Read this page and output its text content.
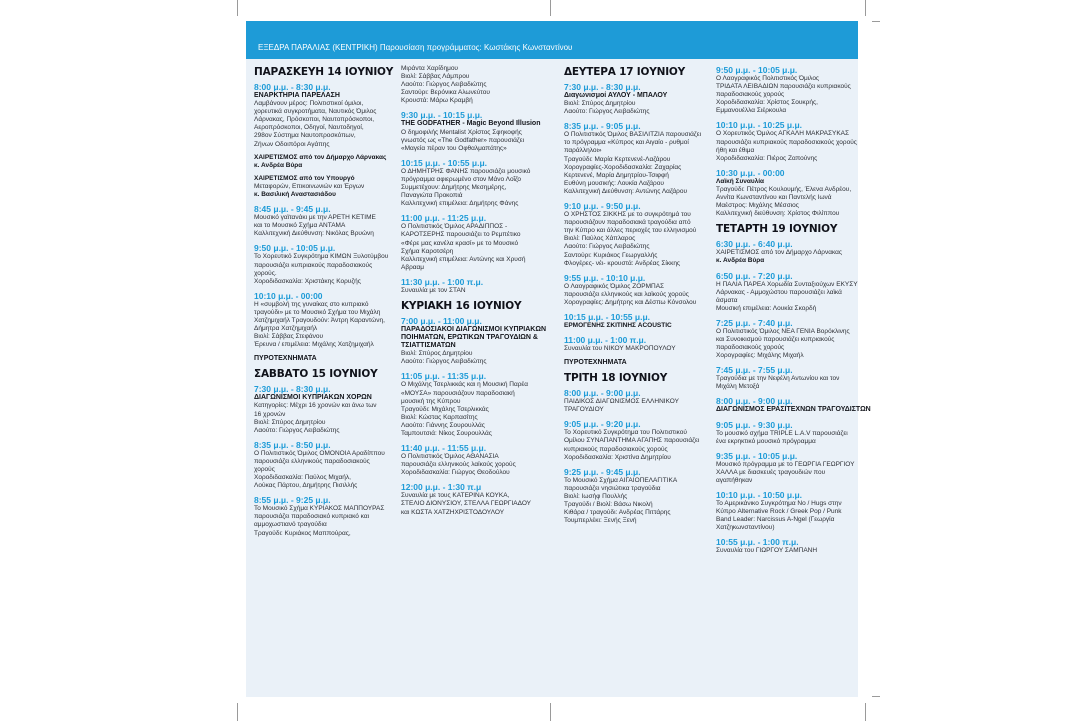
ΕΞΕΔΡΑ ΠΑΡΑΛΙΑΣ (ΚΕΝΤΡΙΚΗ) Παρουσίαση προγράμματος: Κωστάκης Κωνσταντίνου
ΠΑΡΑΣΚΕΥΗ 14 ΙΟΥΝΙΟΥ
8:00 μ.μ. - 8:30 μ.μ.
ΕΝΑΡΚΤΗΡΙΑ ΠΑΡΕΛΑΣΗ
Λαμβάνουν μέρος: Πολιτιστικοί όμιλοι,
χορευτικά συγκροτήματα, Ναυτικός Όμιλος
Λάρνακας, Πρόσκοποι, Ναυτοπρόσκοποι,
Αεροπρόσκοποι, Οδηγοί, Ναυτοδηγοί,
298ον Σύστημα Ναυτοπροσκόπων,
Ζήνων Οδοιπόροι Αγάπης
ΧΑΙΡΕΤΙΣΜΟΣ από τον Δήμαρχο Λάρνακας
κ. Ανδρέα Βύρα
ΧΑΙΡΕΤΙΣΜΟΣ από τον Υπουργό
Μεταφορών, Επικοινωνιών και Έργων
κ. Βασιλική Αναστασιάδου
8:45 μ.μ. - 9:45 μ.μ.
Μουσικό γαϊτανάκι με την ΑΡΕΤΗ ΚΕΤΙΜΕ
και το Μουσικό Σχήμα ΑΝΤΑΜΑ
Καλλιτεχνική Διεύθυνση: Νικόλας Βρυώνη
9:50 μ.μ. - 10:05 μ.μ.
Το Χορευτικό Συγκρότημα ΚΙΜΩΝ Ξυλοτύμβου
παρουσιάζει κυπριακούς παραδοσιακούς
χορούς.
Χοροδιδασκαλία: Χριστάκης Κορυζής
10:10 μ.μ. - 00:00
Η «συμβολή της γυναίκας στο κυπριακό
τραγούδι» με το Μουσικό Σχήμα του Μιχάλη
Χατζημιχαήλ Τραγουδούν: Άντρη Καραντώνη,
Δήμητρα Χατζημιχαήλ
Βιολί: Σάββας Στεφάνου
Έρευνα / επιμέλεια: Μιχάλης Χατζημιχαήλ
ΠΥΡΟΤΕΧΝΗΜΑΤΑ
ΣΑΒΒΑΤΟ 15 ΙΟΥΝΙΟΥ
7:30 μ.μ. - 8:30 μ.μ.
ΔΙΑΓΩΝΙΣΜΟΙ ΚΥΠΡΙΑΚΩΝ ΧΟΡΩΝ
Κατηγορίες: Μέχρι 16 χρονών και άνω των
16 χρονών
Βιολί: Σπύρος Δημητρίου
Λαούτο: Γιώργος Λειβαδιώτης
8:35 μ.μ. - 8:50 μ.μ.
Ο Πολιτιστικός Όμιλος ΟΜΟΝΟΙΑ Αραδίππου
παρουσιάζει ελληνικούς παραδοσιακούς
χορούς
Χοροδιδασκαλία: Παύλος Μιχαήλ,
Λούκας Πάρτου, Δημήτρης Πισιλλής
8:55 μ.μ. - 9:25 μ.μ.
Το Μουσικό Σχήμα ΚΥΡΙΑΚΟΣ ΜΑΠΠΟΥΡΑΣ
παρουσιάζει παραδοσιακό κυπριακό και
αμμοχωστιανό τραγούδια
Τραγούδι: Κυριάκος Μαππούρας,
Μιράντα Χαρίδημου
Βιολί: Σάββας Λάμπρου
Λαούτο: Γιώργος Λειβαδιώτης
Σαντούρι: Βερόνικα Αλωνεύτου
Κρουστά: Μάρω Κραμβή
9:30 μ.μ. - 10:15 μ.μ.
THE GODFATHER - Magic Beyond Illusion
Ο δημοφιλής Mentalist Χρίστος Σφηκοφής
γνωστός ως «The Godfather» παρουσιάζει
«Μαγεία πέραν του Οφθαλμαπάτης»
10:15 μ.μ. - 10:55 μ.μ.
Ο ΔΗΜΗΤΡΗΣ ΦΑΝΗΣ παρουσιάζει μουσικό
πρόγραμμα αφιερωμένο στον Μάνο Λοΐζο
Συμμετέχουν: Δημήτρης Μεσημέρης,
Παναγιώτα Προκοπιά
Καλλιτεχνική επιμέλεια: Δημήτρης Φάνης
11:00 μ.μ. - 11:25 μ.μ.
Ο Πολιτιστικός Όμιλος ΑΡΑΔΙΠΠΟΣ -
ΚΑΡΟΤΣΕΡΗΣ παρουσιάζει το Ρεμπέτικο
«Φέρε μας κανέλα κρασί» με το Μουσικό
Σχήμα Καροτσέρη
Καλλιτεχνική επιμέλεια: Αντώνης και Χρυσή
Αβρααμ
11:30 μ.μ. - 1:00 π.μ.
Συναυλία με τον ΣΤΑΝ
ΚΥΡΙΑΚΗ 16 ΙΟΥΝΙΟΥ
7:00 μ.μ. - 11:00 μ.μ.
ΠΑΡΑΔΟΣΙΑΚΟΙ ΔΙΑΓΩΝΙΣΜΟΙ ΚΥΠΡΙΑΚΩΝ
ΠΟΙΗΜΑΤΩΝ, ΕΡΩΤΙΚΩΝ ΤΡΑΓΟΥΔΙΩΝ &
ΤΣΙΑΤΤΙΣΜΑΤΩΝ
Βιολί: Σπύρος Δημητρίου
Λαούτο: Γιώργος Λειβαδιώτης
11:05 μ.μ. - 11:35 μ.μ.
Ο Μιχάλης Τσερλικκάς και η Μουσική Παρέα
«ΜΟΥΣΑ» παρουσιάζουν παραδοσιακή
μουσική της Κύπρου
Τραγούδι: Μιχάλης Τσερλικκάς
Βιολί: Κώστας Καρπασίτης
Λαούτο: Γιάννης Σουρουλλάς
Ταμπουτσιά: Νίκος Σουρουλλάς
11:40 μ.μ. - 11:55 μ.μ.
Ο Πολιτιστικός Όμιλος ΑΘΑΝΑΣΙΑ
παρουσιάζει ελληνικούς λαϊκούς χορούς
Χοροδιδασκαλία: Γιώργος Θεοδούλου
12:00 μ.μ. - 1:30 π.μ
Συναυλία με τους ΚΑΤΕΡΙΝΑ ΚΟΥΚΑ,
ΣΤΕΛΙΟ ΔΙΟΝΥΣΙΟΥ, ΣΤΕΛΛΑ ΓΕΩΡΓΙΑΔΟΥ
και ΚΩΣΤΑ ΧΑΤΖΗΧΡΙΣΤΟΔΟΥΛΟΥ
ΔΕΥΤΕΡΑ 17 ΙΟΥΝΙΟΥ
7:30 μ.μ. - 8:30 μ.μ.
Διαγωνισμοί ΑΥΛΟΥ - ΜΠΑΛΟΥ
Βιολί: Σπύρος Δημητρίου
Λαούτο: Γιώργος Λειβαδιώτης
8:35 μ.μ. - 9:05 μ.μ.
Ο Πολιτιστικός Όμιλος ΒΑΣΙΛΙΤΖΙΑ παρουσιάζει
το πρόγραμμα «Κύπρος και Αιγαίο - ρυθμοί
παράλληλοι»
Τραγούδι: Μαρία Κερτενενέ-Λαζάρου
Χορογραφίες-Χοροδιδασκαλία: Ζαχαρίας
Κερτενενέ, Μαρία Δημητρίου-Τσιφφή
Ευθύνη μουσικής: Λουκία Λαζάρου
Καλλιτεχνική Διεύθυνση: Αντώνης Λαζάρου
9:10 μ.μ. - 9:50 μ.μ.
Ο ΧΡΗΣΤΟΣ ΣΙΚΚΗΣ με το συγκρότημά του
παρουσιάζουν παραδοσιακά τραγούδια από
την Κύπρο και άλλες περιοχές του ελληνισμού
Βιολί: Παύλος Χάπλαρος
Λαούτο: Γιώργος Λειβαδιώτης
Σαντούρι: Κυριάκος Γεωργαλλής
Φλογέρες- νέι- κρουστά: Ανδρέας Σίκκης
9:55 μ.μ. - 10:10 μ.μ.
Ο Λαογραφικός Όμιλος ΖΟΡΜΠΑΣ
παρουσιάζει ελληνικούς και λαϊκούς χορούς
Χορογραφίες: Δημήτρης και Δέσπω Κόνσολου
10:15 μ.μ. - 10:55 μ.μ.
ΕΡΜΟΓΕΝΗΣ ΣΚΙΤΙΝΗΣ ACOUSTIC
11:00 μ.μ. - 1:00 π.μ.
Συναυλία του ΝΙΚΟΥ ΜΑΚΡΟΠΟΥΛΟΥ
ΠΥΡΟΤΕΧΝΗΜΑΤΑ
ΤΡΙΤΗ 18 ΙΟΥΝΙΟΥ
8:00 μ.μ. - 9:00 μ.μ.
ΠΑΙΔΙΚΟΣ ΔΙΑΓΩΝΙΣΜΟΣ ΕΛΛΗΝΙΚΟΥ
ΤΡΑΓΟΥΔΙΟΥ
9:05 μ.μ. - 9:20 μ.μ.
Το Χορευτικό Συγκρότημα του Πολιτιστικού
Ομίλου ΣΥΝΑΠΑΝΤΗΜΑ ΑΓΑΠΗΣ παρουσιάζει
κυπριακούς παραδοσιακούς χορούς
Χοροδιδασκαλία: Χριστίνα Δημητρίου
9:25 μ.μ. - 9:45 μ.μ.
Το Μουσικό Σχήμα ΑΙΓΑΙΟΠΕΛΑΓΙΤΙΚΑ
παρουσιάζει νησιώτικα τραγούδια
Βιολί: Ιωσήφ Πουλλής
Τραγούδι / Βιολί: Βάσω Νικολή
Κιθάρα / τραγούδι: Ανδρέας Πιττάρης
Τουμπερλέκι: Ξενής Ξενή
9:50 μ.μ. - 10:05 μ.μ.
Ο Λαογραφικός Πολιτιστικός Όμιλος
ΤΡΙΔΑΤΑ ΛΕΙΒΑΔΙΩΝ παρουσιάζει κυπριακούς
παραδοσιακούς χορούς
Χοροδιδασκαλία: Χρίστος Σουκρής,
Εμμανουέλλα Σιέρκουλα
10:10 μ.μ. - 10:25 μ.μ.
Ο Χορευτικός Όμιλος ΑΓΚΑΛΗ ΜΑΚΡΑΣΥΚΑΣ
παρουσιάζει κυπριακούς παραδοσιακούς χορούς
ήθη και έθιμα
Χοροδιδασκαλία: Πιέρος Ζαπούνης
10:30 μ.μ. - 00:00
Λαϊκή Συναυλία
Τραγούδι: Πέτρος Κουλουμής, Έλενα Ανδρέου,
Αννίτα Κωνσταντίνου και Παντελής Ιωνά
Μαέστρος: Μιχάλης Μέσσιος
Καλλιτεχνική διεύθυνση: Χρίστος Φιλίππου
ΤΕΤΑΡΤΗ 19 ΙΟΥΝΙΟΥ
6:30 μ.μ. - 6:40 μ.μ.
ΧΑΙΡΕΤΙΣΜΟΣ από τον Δήμαρχο Λάρνακας
κ. Ανδρέα Βύρα
6:50 μ.μ. - 7:20 μ.μ.
Η ΠΑΛΙΑ ΠΑΡΕΑ Χορωδία Συνταξιούχων ΕΚΥΣΥ
Λάρνακας - Αμμοχώστου παρουσιάζει λαϊκά
άσματα
Μουσική επιμέλεια: Λουκία Σκορδή
7:25 μ.μ. - 7:40 μ.μ.
Ο Πολιτιστικός Όμιλος ΝΕΑ ΓΕΝΙΑ Βορόκλινης
και Συνοικισμού παρουσιάζει κυπριακούς
παραδοσιακούς χορούς
Χορογραφίες: Μιχάλης Μιχαήλ
7:45 μ.μ. - 7:55 μ.μ.
Τραγούδια με την Νεφέλη Αντωνίου και τον
Μιχάλη Μετοξά
8:00 μ.μ. - 9:00 μ.μ.
ΔΙΑΓΩΝΙΣΜΟΣ ΕΡΑΣΙΤΕΧΝΩΝ ΤΡΑΓΟΥΔΙΣΤΩΝ
9:05 μ.μ. - 9:30 μ.μ.
Το μουσικό σχήμα TRIPLE L.A.V παρουσιάζει
ένα εκρηκτικό μουσικό πρόγραμμα
9:35 μ.μ. - 10:05 μ.μ.
Μουσικό πρόγραμμα με το ΓΕΩΡΓΙΑ ΓΕΩΡΓΙΟΥ
ΧΑΛΛΑ με διασκευές τραγουδιών που
αγαπήθηκαν
10:10 μ.μ. - 10:50 μ.μ.
Το Αμερικάνικο Συγκρότημα No / Hugs στην
Κύπρο Alternative Rock / Greek Pop / Punk
Band Leader: Narcissus A-Ngel (Γεωργία
Χατζηκωνσταντίνου)
10:55 μ.μ. - 1:00 π.μ.
Συναυλία του ΓΙΩΡΓΟΥ ΣΑΜΠΑΝΗ
